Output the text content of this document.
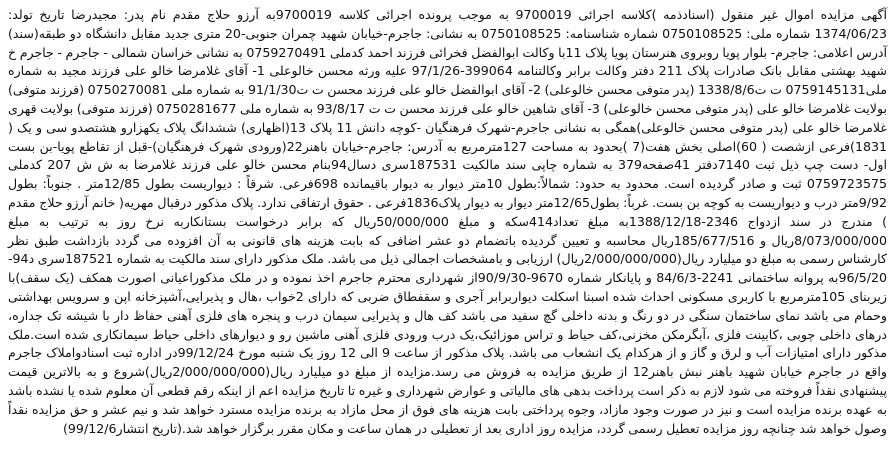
آگهی مزایده اموال غیر منقول (اسنادذمه )کلاسه اجرائی 9700019 به موجب پرونده اجرائی کلاسه 9700019به آرزو حلاج مقدم نام پدر: مجیدرضا تاریخ تولد: 1374/06/23 شماره ملی: 0750108525 شماره شناسنامه: 0750108525 به نشانی: جاجرم-خیابان شهید چمران جنوبی-20 متری جدید مقابل دانشگاه دو طبقه(سند) آدرس اعلامی: جاجرم- بلوار پویا روبروی هنرستان پویا پلاک 11با وکالت ابوالفضل فخرائی فرزند احمد کدملی 0759270491 به نشانی خراسان شمالی - جاجرم - جاجرم خ شهید بهشتی مقابل بانک صادرات پلاک 211 دفتر وکالت برابر وکالتنامه 399064-97/1/26 علیه ورثه محسن خالوعلی 1- آقای غلامرضا خالو علی فرزند مجید به شماره ملی0759145131 ت ت1338/8/6 (پدر متوفی محسن خالوعلی) 2- آقای ابوالفضل خالو علی فرزند محسن ت ت91/1/30 به شماره ملی 0750270081 (فرزند متوفی) بولایت غلامرضا خالو علی (پدر متوفی محسن خالوعلی) 3- آقای شاهین خالو علی فرزند محسن ت ت 93/8/17 به شماره ملی 0750281677 (فرزند متوفی) بولایت قهری غلامرضا خالو علی (پدر متوفی محسن خالوعلی)همگی به نشانی جاجرم-شهرک فرهنگیان -کوچه دانش 11 پلاک 13(اظهاری) ششدانگ پلاک یکهزارو هشتصدو سی و یک ( 1831)فرعی ازشصت ( 60)اصلی بخش هفت(7 )بحدود به مساحت 127مترمربع به آدرس: جاجرم-خیابان باهنر22(ورودی شهرک فرهنگیان)-قبل از تقاطع پویا-بن بست اول- دست چپ ذیل ثبت 7140دفتر 41صفحه379 به شماره چاپی سند مالکیت 187531سری دسال94بنام محسن خالو علی فرزند غلامرضا به ش ش 207 کدملی 0759723575 ثبت و صادر گردیده است. محدود به حدود: شمالاً:بطول 10متر دیوار به دیوار باقیمانده 698فرعی. شرقاً : دیواریست بطول 12/85متر . جنوباً: بطول 9/92متر درب و دیواریست به کوچه بن بست. غرباً: بطول12/65متر دیوار به دیوار پلاک1836فرعی . حقوق ارتفاقی ندارد. پلاک مذکور درقبال مهریه( خانم آرزو حلاج مقدم ) مندرج در سند ازدواج 2346-1388/12/18به مبلغ تعداد414سکه و مبلغ 50/000/000ریال که برابر درخواست بستانکاربه نرخ روز به ترتیب به مبلغ 8/073/000/000ریال و 185/677/516ریال محاسبه و تعیین گردیده باتضمام دو عشر اضافی که بابت هزینه های قانونی به آن افزوده می گردد بازداشت طبق نظر کارشناس رسمی به مبلغ دو میلیارد ریال(2/000/000/000ریال) ارزیابی و بامشخصات اجمالی ذیل می باشد. ملک مذکور دارای سند مالکیت به شماره 187521سری د94-96/5/20به پروانه ساختمانی 2241-84/6/3 و پایانکار شماره 9670-90/9/30از شهرداری محترم جاجرم اخذ نموده و در ملک مذکوراعیانی اصورت همکف (یک سقف)با زیربنای 105مترمربع با کاربری مسکونی احداث شده اسبنا اسکلت دیواربرابر آجری و سقفطاق ضربی که دارای 2خواب ،هال و پذیرایی،آشپزخانه اپن و سرویس بهداشتی وحمام می باشد نمای ساختمان سنگی در دو رنگ و بدنه داخلی گچ سفید می باشد کف هال و پذیرایی سیمان درب و پنجره های فلزی آهنی حفاظ دار با شیشه تک جداره، درهای داخلی چوبی ،کابینت فلزی ،آبگرمکن مخزنی،کف حیاط و تراس موزائیک،یک درب ورودی فلزی آهنی ماشین رو و دیوارهای داخلی حیاط سیمانکاری شده است.ملک مذکور دارای امتیازات آب و لرق و گاز و از هرکدام یک انشعاب می باشد. پلاک مذکور از ساعت 9 الی 12 روز یک شنبه مورخ 99/12/24در اداره ثبت اسنادواملاک جاجرم واقع در جاجرم خیابان شهید باهنر نبش باهنر12 از طریق مزایده به فروش می رسد.مزایده از مبلغ دو میلیارد ریال(2/000/000/000ریال)شروع و به بالاترین قیمت پیشنهادی نقداً فروخته می شود لازم به ذکر است پرداخت بدهی های مالیاتی و عوارض شهرداری و غیره تا تاریخ مزایده اعم از اینکه رقم قطعی آن معلوم شده یا نشده باشد به عهده برنده مزایده است و نیز در صورت وجود مازاد، وجوه پرداختی بابت هزینه های فوق از محل مازاد به برنده مزایده مسترد خواهد شد و نیم عشر و حق مزایده نقداً وصول خواهد شد چنانچه روز مزایده تعطیل رسمی گردد، مزایده روز اداری بعد از تعطیلی در همان ساعت و مکان مقرر برگزار خواهد شد.(تاریخ انتشار99/12/6)
